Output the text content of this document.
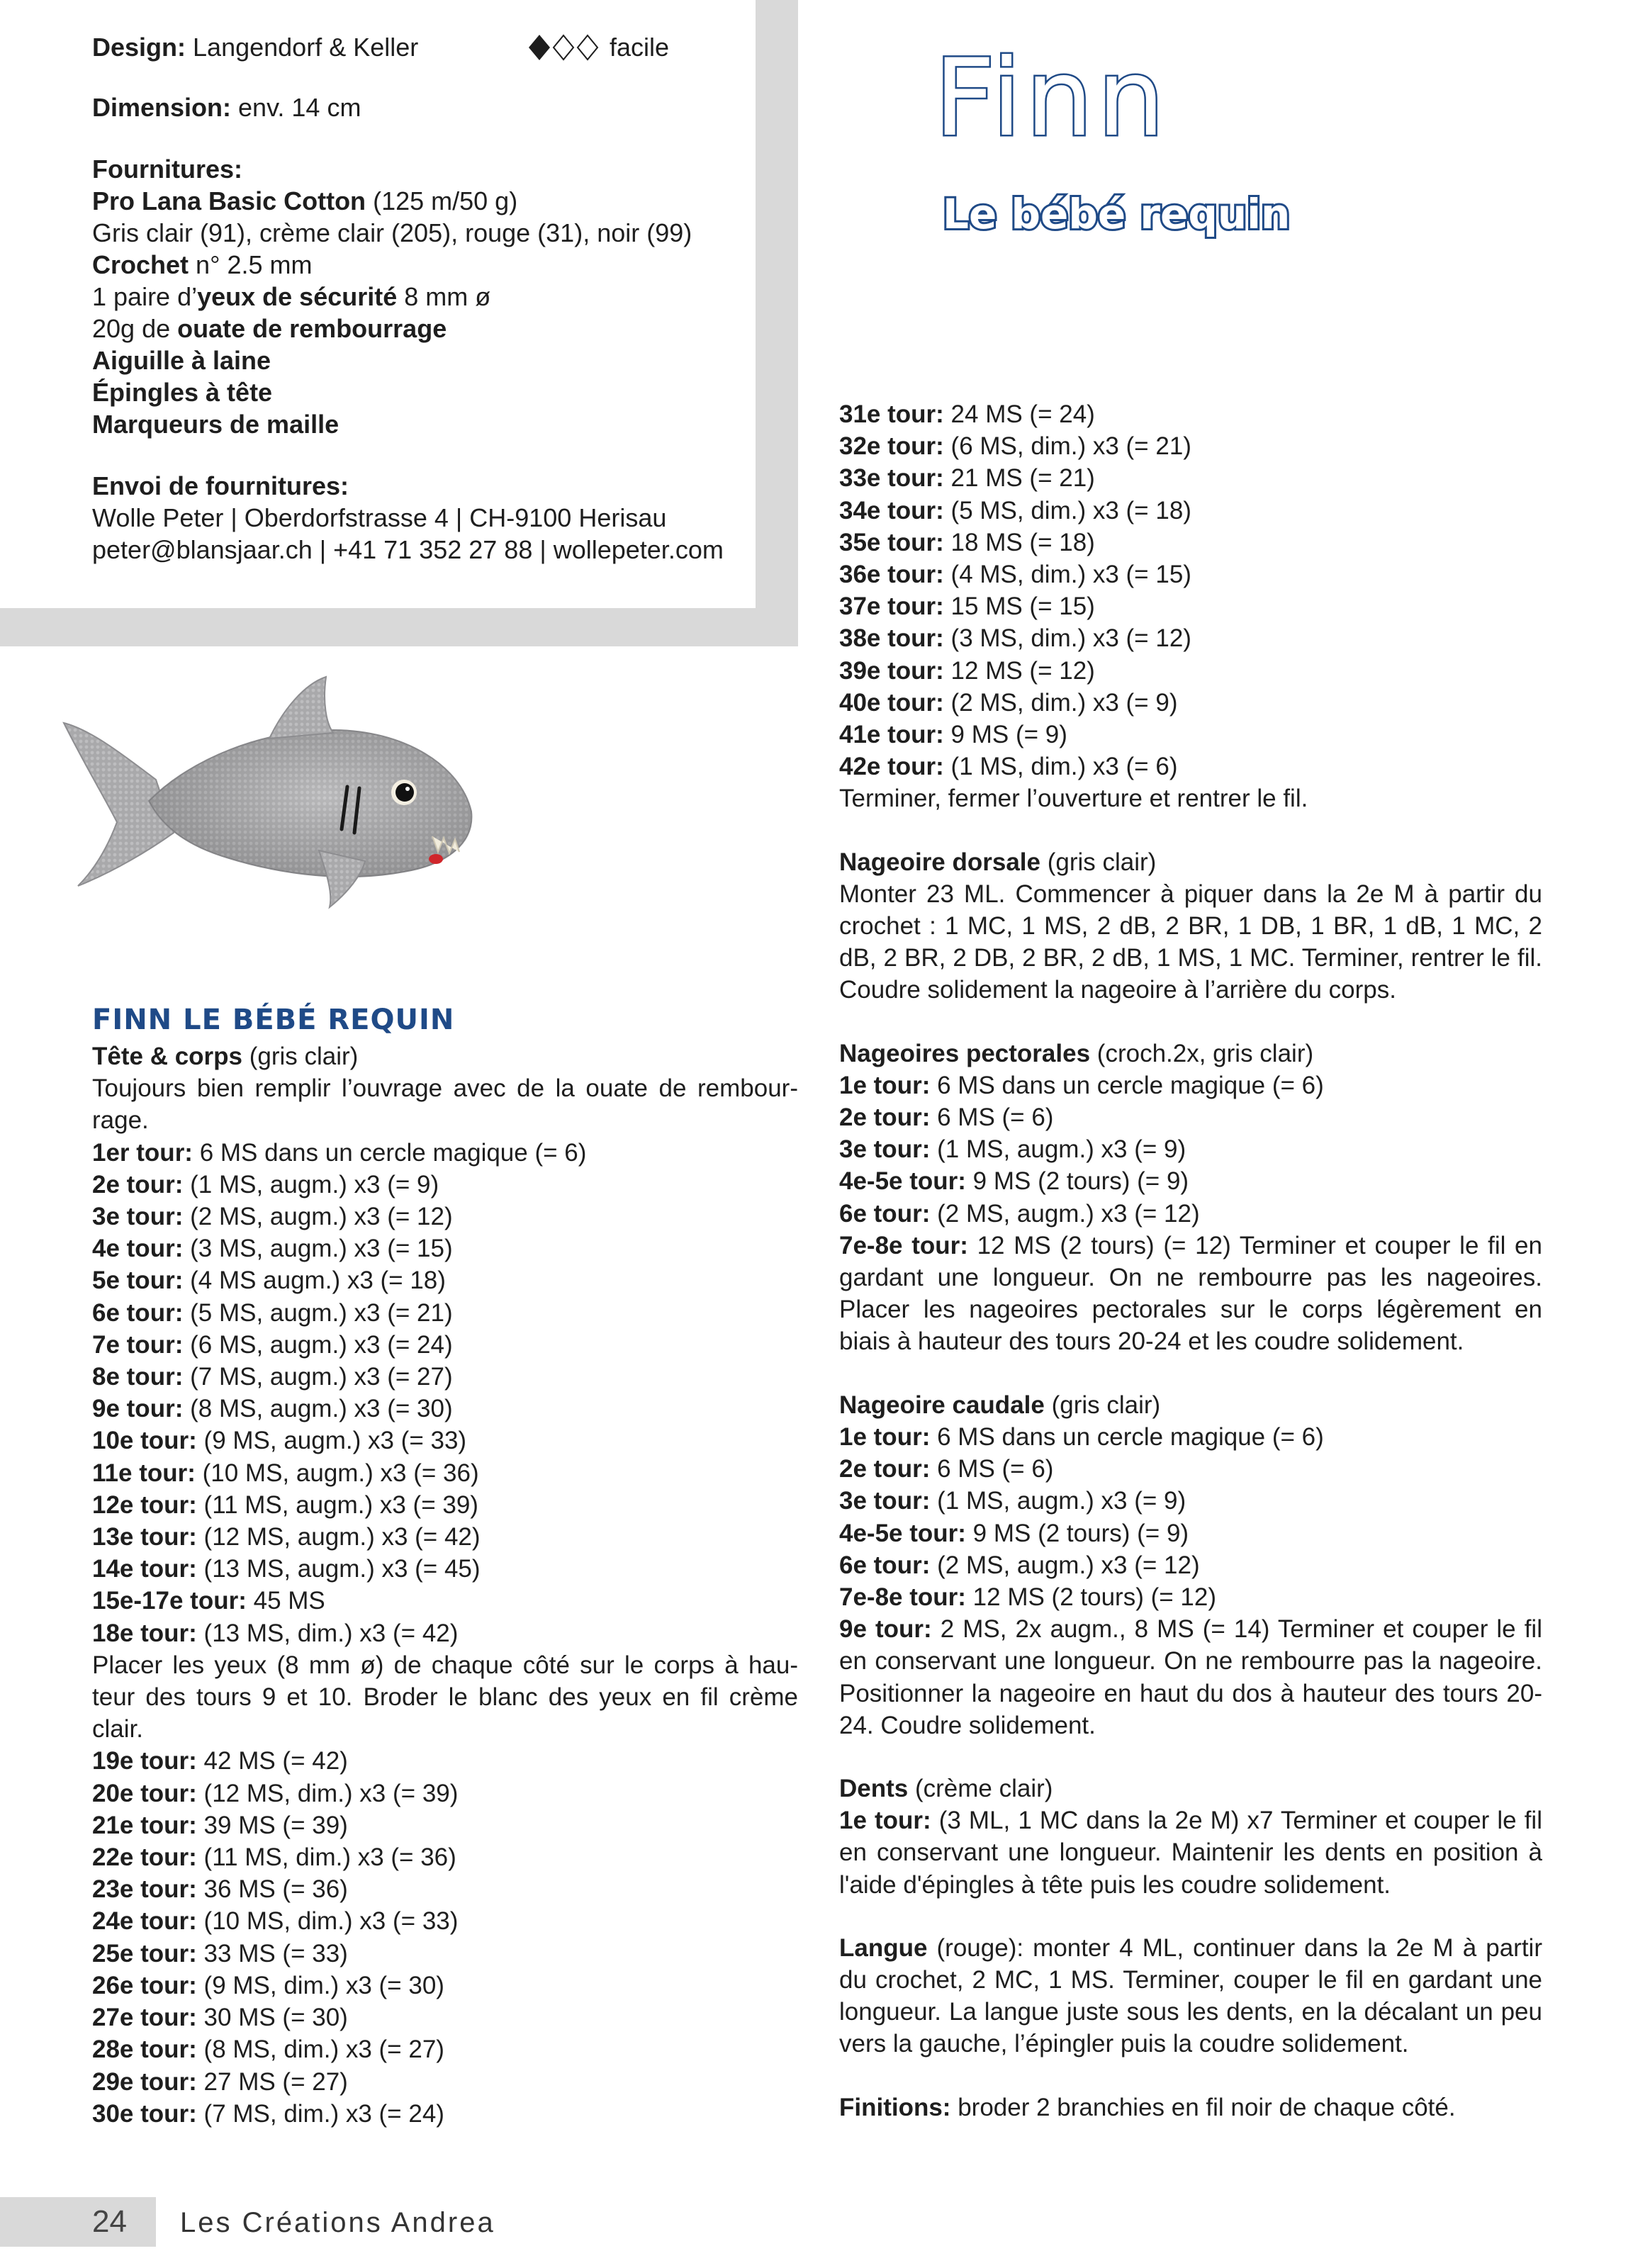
Design: Langendorf & Keller

Dimension: env. 14 cm

Fournitures:

Pro Lana Basic Cotton (125 m/50 g)

Gris clair (91), crème clair (205), rouge (31), noir (99)

Crochet n° 2.5 mm

1 paire d’yeux de sécurité 8 mm ø

20g de ouate de rembourrage

Aiguille à laine

Épingles à tête

Marqueurs de maille

Envoi de fournitures:

Wolle Peter | Oberdorfstrasse 4 | CH-9100 Herisau

peter@blansjaar.ch | +41 71 352 27 88 | wollepeter.com

facile Finn
Le bébé requin

FINN LE BÉBÉ REQUIN

Tête & corps (gris clair)

Toujours bien remplir l’ouvrage avec de la ouate de rembour-rage.

1er tour: 6 MS dans un cercle magique (= 6)

2e tour: (1 MS, augm.) x3 (= 9)

3e tour: (2 MS, augm.) x3 (= 12)

4e tour: (3 MS, augm.) x3 (= 15)

5e tour: (4 MS augm.) x3 (= 18)

6e tour: (5 MS, augm.) x3 (= 21)

7e tour: (6 MS, augm.) x3 (= 24)

8e tour: (7 MS, augm.) x3 (= 27)

9e tour: (8 MS, augm.) x3 (= 30)

10e tour: (9 MS, augm.) x3 (= 33)

11e tour: (10 MS, augm.) x3 (= 36)

12e tour: (11 MS, augm.) x3 (= 39)

13e tour: (12 MS, augm.) x3 (= 42)

14e tour: (13 MS, augm.) x3 (= 45)

15e-17e tour: 45 MS

18e tour: (13 MS, dim.) x3 (= 42)

Placer les yeux (8 mm ø) de chaque côté sur le corps à hau-teur des tours 9 et 10. Broder le blanc des yeux en fil crème clair.

19e tour: 42 MS (= 42)

20e tour: (12 MS, dim.) x3 (= 39)

21e tour: 39 MS (= 39)

22e tour: (11 MS, dim.) x3 (= 36)

23e tour: 36 MS (= 36)

24e tour: (10 MS, dim.) x3 (= 33)

25e tour: 33 MS (= 33)

26e tour: (9 MS, dim.) x3 (= 30)

27e tour: 30 MS (= 30)

28e tour: (8 MS, dim.) x3 (= 27)

29e tour: 27 MS (= 27)

30e tour: (7 MS, dim.) x3 (= 24)

31e tour: 24 MS (= 24)

32e tour: (6 MS, dim.) x3 (= 21)

33e tour: 21 MS (= 21)

34e tour: (5 MS, dim.) x3 (= 18)

35e tour: 18 MS (= 18)

36e tour: (4 MS, dim.) x3 (= 15)

37e tour: 15 MS (= 15)

38e tour: (3 MS, dim.) x3 (= 12)

39e tour: 12 MS (= 12)

40e tour: (2 MS, dim.) x3 (= 9)

41e tour: 9 MS (= 9)

42e tour: (1 MS, dim.) x3 (= 6)

Terminer, fermer l’ouverture et rentrer le fil.

Nageoire dorsale (gris clair)

Monter 23 ML. Commencer à piquer dans la 2e M à partir du crochet : 1 MC, 1 MS, 2 dB, 2 BR, 1 DB, 1 BR, 1 dB, 1 MC, 2 dB, 2 BR, 2 DB, 2 BR, 2 dB, 1 MS, 1 MC. Terminer, rentrer le fil. Coudre solidement la nageoire à l’arrière du corps.

Nageoires pectorales (croch.2x, gris clair)

1e tour: 6 MS dans un cercle magique (= 6)

2e tour: 6 MS (= 6)

3e tour: (1 MS, augm.) x3 (= 9)

4e-5e tour: 9 MS (2 tours) (= 9)

6e tour: (2 MS, augm.) x3 (= 12)

7e-8e tour: 12 MS (2 tours) (= 12) Terminer et couper le fil en gardant une longueur. On ne rembourre pas les nageoires. Placer les nageoires pectorales sur le corps légèrement en biais à hauteur des tours 20-24 et les coudre solidement.

Nageoire caudale (gris clair)

1e tour: 6 MS dans un cercle magique (= 6)

2e tour: 6 MS (= 6)

3e tour: (1 MS, augm.) x3 (= 9)

4e-5e tour: 9 MS (2 tours) (= 9)

6e tour: (2 MS, augm.) x3 (= 12)

7e-8e tour: 12 MS (2 tours) (= 12)

9e tour: 2 MS, 2x augm., 8 MS (= 14) Terminer et couper le fil en conservant une longueur. On ne rembourre pas la nageoire. Positionner la nageoire en haut du dos à hauteur des tours 20-24. Coudre solidement.

Dents (crème clair)

1e tour: (3 ML, 1 MC dans la 2e M) x7 Terminer et couper le fil en conservant une longueur. Maintenir les dents en position à l'aide d'épingles à tête puis les coudre solidement.

Langue (rouge): monter 4 ML, continuer dans la 2e M à partir du crochet, 2 MC, 1 MS. Terminer, couper le fil en gardant une longueur. La langue juste sous les dents, en la décalant un peu vers la gauche, l’épingler puis la coudre solidement.

Finitions: broder 2 branchies en fil noir de chaque côté.

24 Les Créations Andrea
